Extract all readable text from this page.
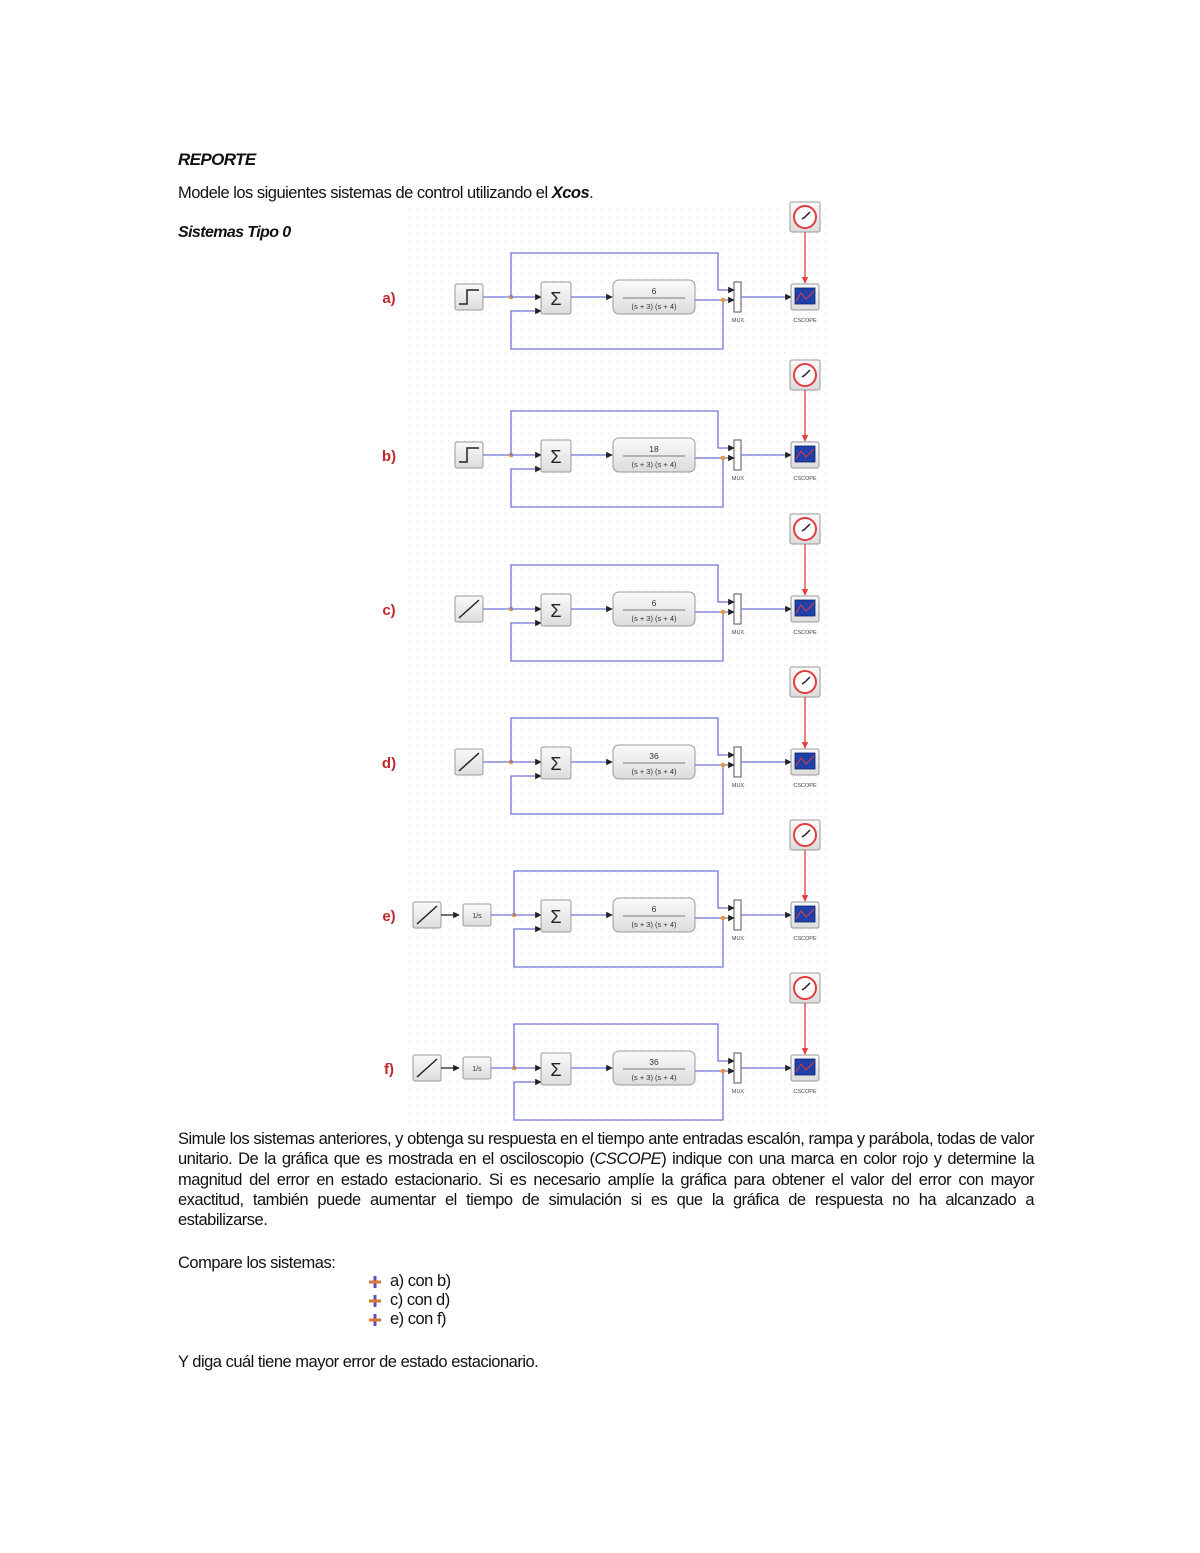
REPORTE
Modele los siguientes sistemas de control utilizando el Xcos.
Sistemas Tipo 0
a)	Σ	6
(s + 3) (s + 4)
MUX	CSCOPE
b)	Σ	18
(s + 3) (s + 4)
MUX	CSCOPE
c)	Σ	6
(s + 3) (s + 4)
MUX	CSCOPE
d)	Σ	36
(s + 3) (s + 4)
MUX	CSCOPE
e)	1/s	Σ	6
(s + 3) (s + 4)
MUX	CSCOPE
f)	1/s	Σ	36
(s + 3) (s + 4)
MUX	CSCOPE
Simule los sistemas anteriores, y obtenga su respuesta en el tiempo ante entradas escalón, rampa y parábola, todas de valor unitario. De la gráfica que es mostrada en el osciloscopio (CSCOPE) indique con una marca en color rojo y determine la magnitud del error en estado estacionario. Si es necesario amplíe la gráfica para obtener el valor del error con mayor exactitud, también puede aumentar el tiempo de simulación si es que la gráfica de respuesta no ha alcanzado a estabilizarse.
Compare los sistemas:
a) con b)
c) con d)
e) con f)
Y diga cuál tiene mayor error de estado estacionario.
